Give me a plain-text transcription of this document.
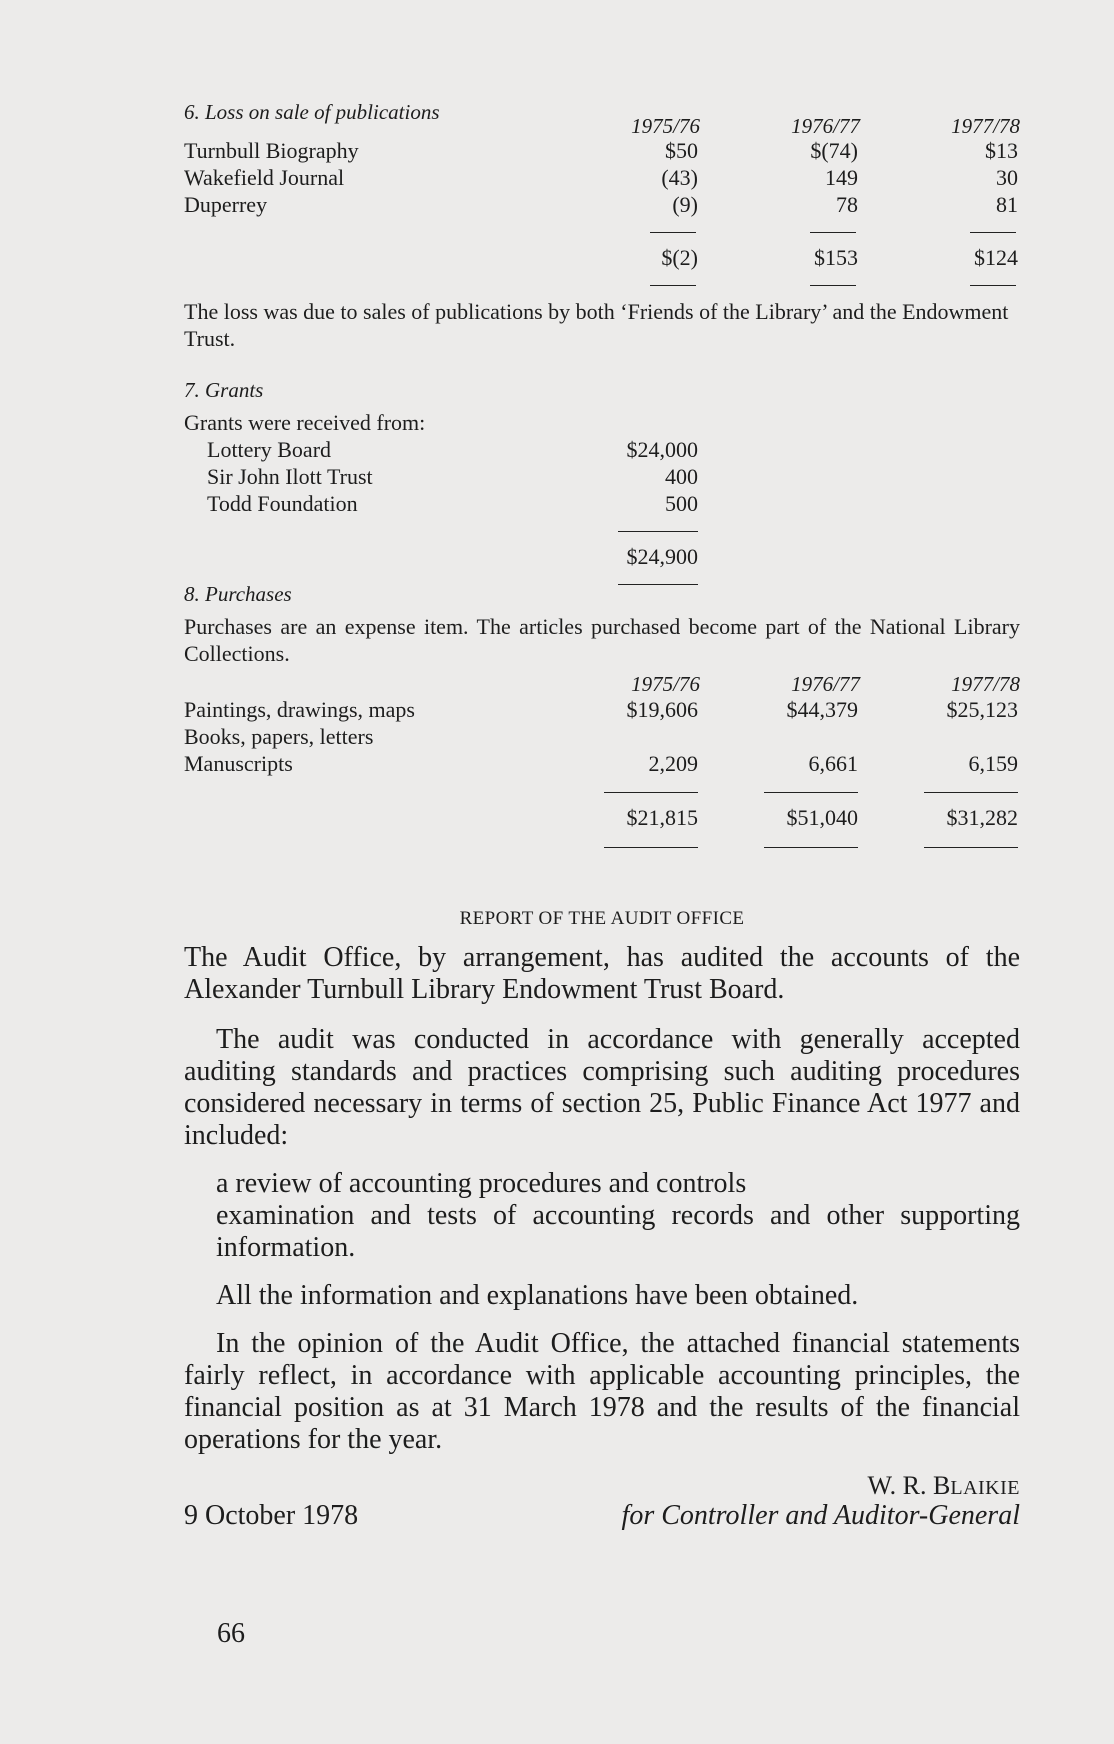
6. Loss on sale of publications
1975/76	1976/77	1977/78
Turnbull Biography	$50	$(74)	$13
Wakefield Journal	(43)	149	30
Duperrey	(9)	78	81
$(2)	$153	$124
The loss was due to sales of publications by both ‘Friends of the Library’ and the Endowment Trust.
7. Grants
Grants were received from:
Lottery Board	$24,000
Sir John Ilott Trust	400
Todd Foundation	500
$24,900
8. Purchases
Purchases are an expense item. The articles purchased become part of the National Library Collections.
1975/76	1976/77	1977/78
Paintings, drawings, maps	$19,606	$44,379	$25,123
Books, papers, letters
Manuscripts	2,209	6,661	6,159
$21,815	$51,040	$31,282
REPORT OF THE AUDIT OFFICE
The Audit Office, by arrangement, has audited the accounts of the Alexander Turnbull Library Endowment Trust Board.
The audit was conducted in accordance with generally accepted auditing standards and practices comprising such auditing procedures considered necessary in terms of section 25, Public Finance Act 1977 and included:
a review of accounting procedures and controls
examination and tests of accounting records and other supporting information.
All the information and explanations have been obtained.
In the opinion of the Audit Office, the attached financial statements fairly reflect, in accordance with applicable accounting principles, the financial position as at 31 March 1978 and the results of the financial operations for the year.
W. R. BLAIKIE
9 October 1978	for Controller and Auditor-General
66
